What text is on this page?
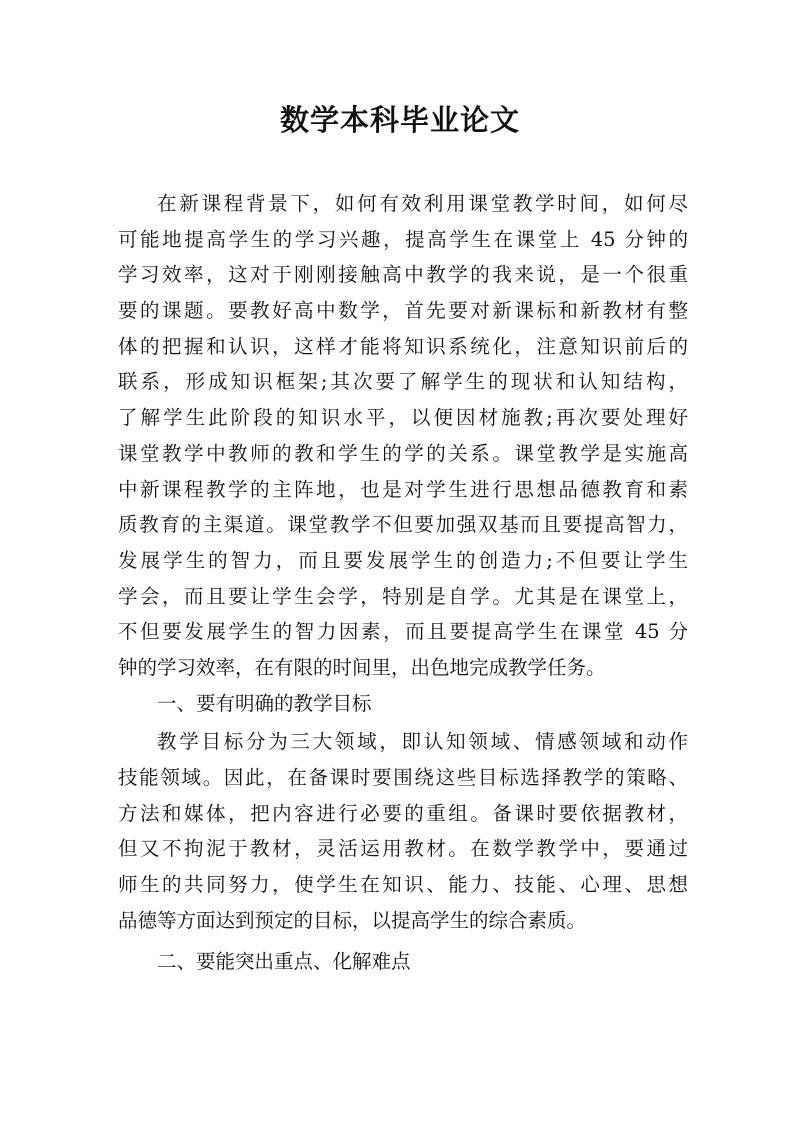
数学本科毕业论文

在新课程背景下，如何有效利用课堂教学时间，如何尽
可能地提高学生的学习兴趣，提高学生在课堂上 45 分钟的
学习效率，这对于刚刚接触高中教学的我来说，是一个很重
要的课题。要教好高中数学，首先要对新课标和新教材有整
体的把握和认识，这样才能将知识系统化，注意知识前后的
联系，形成知识框架;其次要了解学生的现状和认知结构，
了解学生此阶段的知识水平，以便因材施教;再次要处理好
课堂教学中教师的教和学生的学的关系。课堂教学是实施高
中新课程教学的主阵地，也是对学生进行思想品德教育和素
质教育的主渠道。课堂教学不但要加强双基而且要提高智力，
发展学生的智力，而且要发展学生的创造力;不但要让学生
学会，而且要让学生会学，特别是自学。尤其是在课堂上，
不但要发展学生的智力因素，而且要提高学生在课堂 45 分
钟的学习效率，在有限的时间里，出色地完成教学任务。

一、要有明确的教学目标

教学目标分为三大领域，即认知领域、情感领域和动作
技能领域。因此，在备课时要围绕这些目标选择教学的策略、
方法和媒体，把内容进行必要的重组。备课时要依据教材，
但又不拘泥于教材，灵活运用教材。在数学教学中，要通过
师生的共同努力，使学生在知识、能力、技能、心理、思想
品德等方面达到预定的目标，以提高学生的综合素质。

二、要能突出重点、化解难点
